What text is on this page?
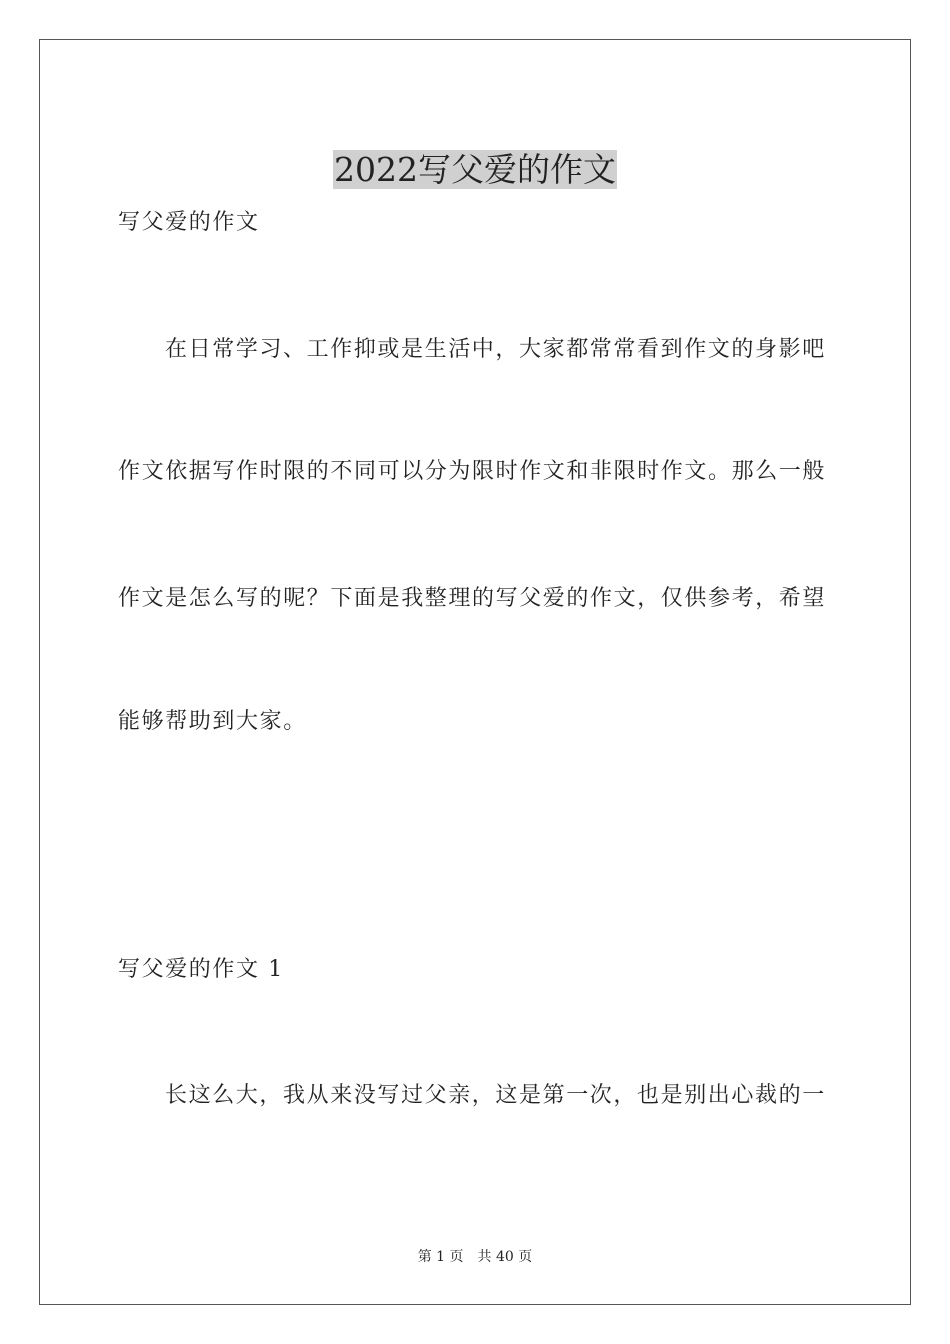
2022写父爱的作文

写父爱的作文

在日常学习、工作抑或是生活中，大家都常常看到作文的身影吧

作文依据写作时限的不同可以分为限时作文和非限时作文。那么一般

作文是怎么写的呢？下面是我整理的写父爱的作文，仅供参考，希望

能够帮助到大家。

写父爱的作文 1

长这么大，我从来没写过父亲，这是第一次，也是别出心裁的一

第 1 页 共 40 页
